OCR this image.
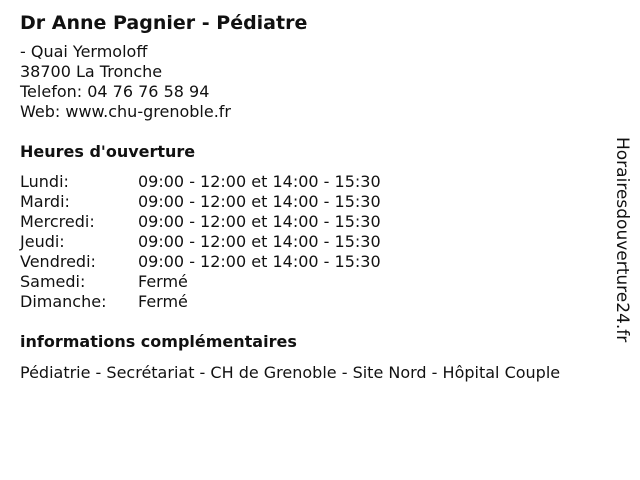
Dr Anne Pagnier - Pédiatre
- Quai Yermoloff
38700 La Tronche
Telefon: 04 76 76 58 94
Web: www.chu-grenoble.fr
Heures d'ouverture
Lundi:	09:00 - 12:00 et 14:00 - 15:30
Mardi:	09:00 - 12:00 et 14:00 - 15:30
Mercredi:	09:00 - 12:00 et 14:00 - 15:30
Jeudi:	09:00 - 12:00 et 14:00 - 15:30
Vendredi:	09:00 - 12:00 et 14:00 - 15:30
Samedi:	Fermé
Dimanche:	Fermé
informations complémentaires
Pédiatrie - Secrétariat - CH de Grenoble - Site Nord - Hôpital Couple
Horairesdouverture24.fr
